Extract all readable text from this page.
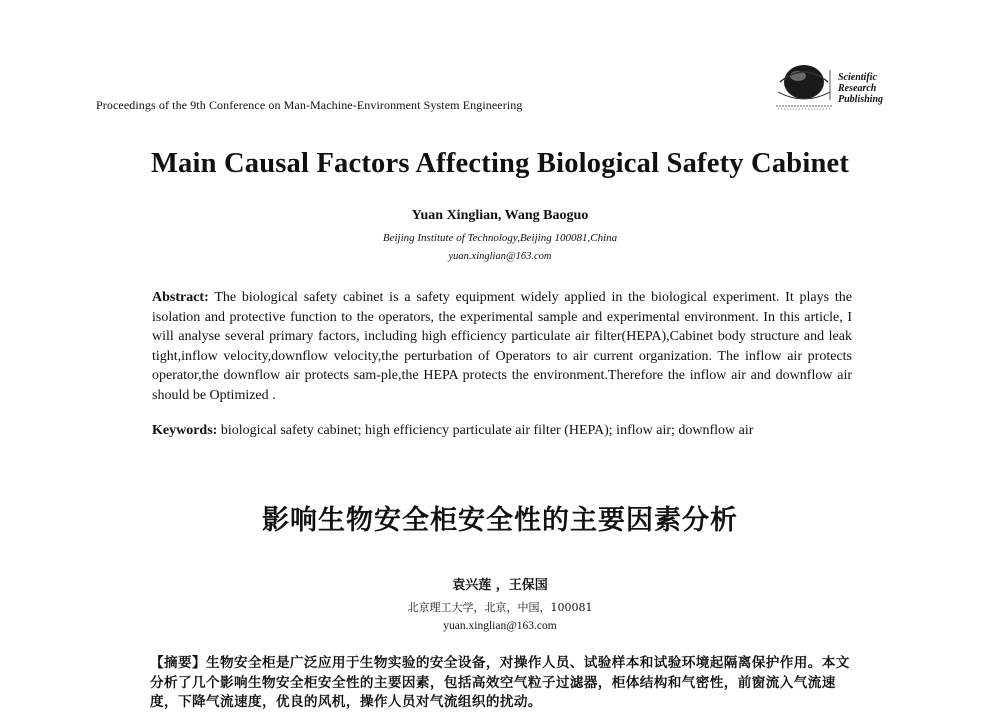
Proceedings of the 9th Conference on Man-Machine-Environment System Engineering
Scientific
Research
Publishing
Main Causal Factors Affecting Biological Safety Cabinet
Yuan Xinglian, Wang Baoguo
Beijing Institute of Technology,Beijing 100081,China
yuan.xinglian@163.com
Abstract: The biological safety cabinet is a safety equipment widely applied in the biological experiment. It plays the isolation and protective function to the operators, the experimental sample and experimental environment. In this article, I will analyse several primary factors, including high efficiency particulate air filter(HEPA),Cabinet body structure and leak tight,inflow velocity,downflow velocity,the perturbation of Operators to air current organization. The inflow air protects operator,the downflow air protects sam-ple,the HEPA protects the environment.Therefore the inflow air and downflow air should be Optimized .
Keywords: biological safety cabinet; high efficiency particulate air filter (HEPA); inflow air; downflow air
影响生物安全柜安全性的主要因素分析
袁兴莲 ，王保国
北京理工大学，北京，中国，100081
yuan.xinglian@163.com
【摘要】生物安全柜是广泛应用于生物实验的安全设备，对操作人员、试验样本和试验环境起隔离保护作用。本文分析了几个影响生物安全柜安全性的主要因素，包括高效空气粒子过滤器，柜体结构和气密性，前窗流入气流速度，下降气流速度，优良的风机，操作人员对气流组织的扰动。
